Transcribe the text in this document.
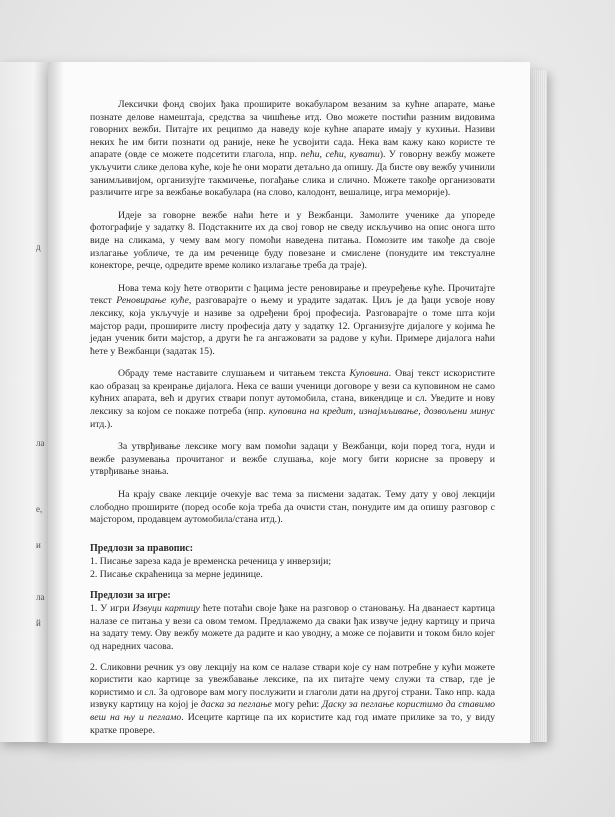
д
ла
е,
и
ла
й

Лексички фонд својих ђака проширите вокабуларом везаним за кућне апарате, мање познате делове намештаја, средства за чишћење итд. Ово можете постићи разним видовима говорних вежби. Питајте их реципмо да наведу које кућне апарате имају у кухињи. Називи неких ће им бити познати од раније, неке ће усвојити сада. Нека вам кажу како користе те апарате (овде се можете подсетити глагола, нпр. пећи, сећи, кувати). У говорну вежбу можете укључити слике делова куће, које ће они морати детаљно да опишу. Да бисте ову вежбу учинили занимљивијом, организујте такмичење, погађање слика и слично. Можете такође организовати различите игре за вежбање вокабулара (на слово, калодонт, вешалице, игра меморије).

Идеје за говорне вежбе наћи ћете и у Вежбанци. Замолите ученике да упореде фотографије у задатку 8. Подстакните их да свој говор не сведу искључиво на опис онога што виде на сликама, у чему вам могу помоћи наведена питања. Помозите им такође да своје излагање уобличе, те да им реченице буду повезане и смислене (понудите им текстуалне конекторе, речце, одредите време колико излагање треба да траје).

Нова тема коју ћете отворити с ђацима јесте реновирање и преуређење куће. Прочитајте текст Реновирање куће, разговарајте о њему и урадите задатак. Циљ је да ђаци усвоје нову лексику, која укључује и називе за одређени број професија. Разговарајте о томе шта који мајстор ради, проширите листу професија дату у задатку 12. Организујте дијалоге у којима ће један ученик бити мајстор, а други ће га ангажовати за радове у кући. Примере дијалога наћи ћете у Вежбанци (задатак 15).

Обраду теме наставите слушањем и читањем текста Куповина. Овај текст искористите као образац за креирање дијалога. Нека се ваши ученици договоре у вези са куповином не само кућних апарата, већ и других ствари попут аутомобила, стана, викендице и сл. Уведите и нову лексику за којом се покаже потреба (нпр. куповина на кредит, изнајмљивање, дозвољени минус итд.).

За утврђивање лексике могу вам помоћи задаци у Вежбанци, који поред тога, нуди и вежбе разумевања прочитаног и вежбе слушања, које могу бити корисне за проверу и утврђивање знања.

На крају сваке лекције очекује вас тема за писмени задатак. Тему дату у овој лекцији слободно проширите (поред особе која треба да очисти стан, понудите им да опишу разговор с мајстором, продавцем аутомобила/стана итд.).

Предлози за правопис:
1. Писање зареза када је временска реченица у инверзији;
2. Писање скраћеница за мерне јединице.
Предлози за игре:

1. У игри Извуци картицу ћете потаћи своје ђаке на разговор о становању. На дванаест картица налазе се питања у вези са овом темом. Предлажемо да сваки ђак извуче једну картицу и прича на задату тему. Ову вежбу можете да радите и као уводну, а може се појавити и током било којег од наредних часова.

2. Сликовни речник уз ову лекцију на ком се налазе ствари које су нам потребне у кући можете користити као картице за увежбавање лексике, па их питајте чему служи та ствар, где је користимо и сл. За одговоре вам могу послужити и глаголи дати на другој страни. Тако нпр. када извуку картицу на којој је даска за пеглање могу рећи: Даску за пеглање користимо да ставимо веш на њу и пегламо. Исеците картице па их користите кад год имате прилике за то, у виду кратке провере.
